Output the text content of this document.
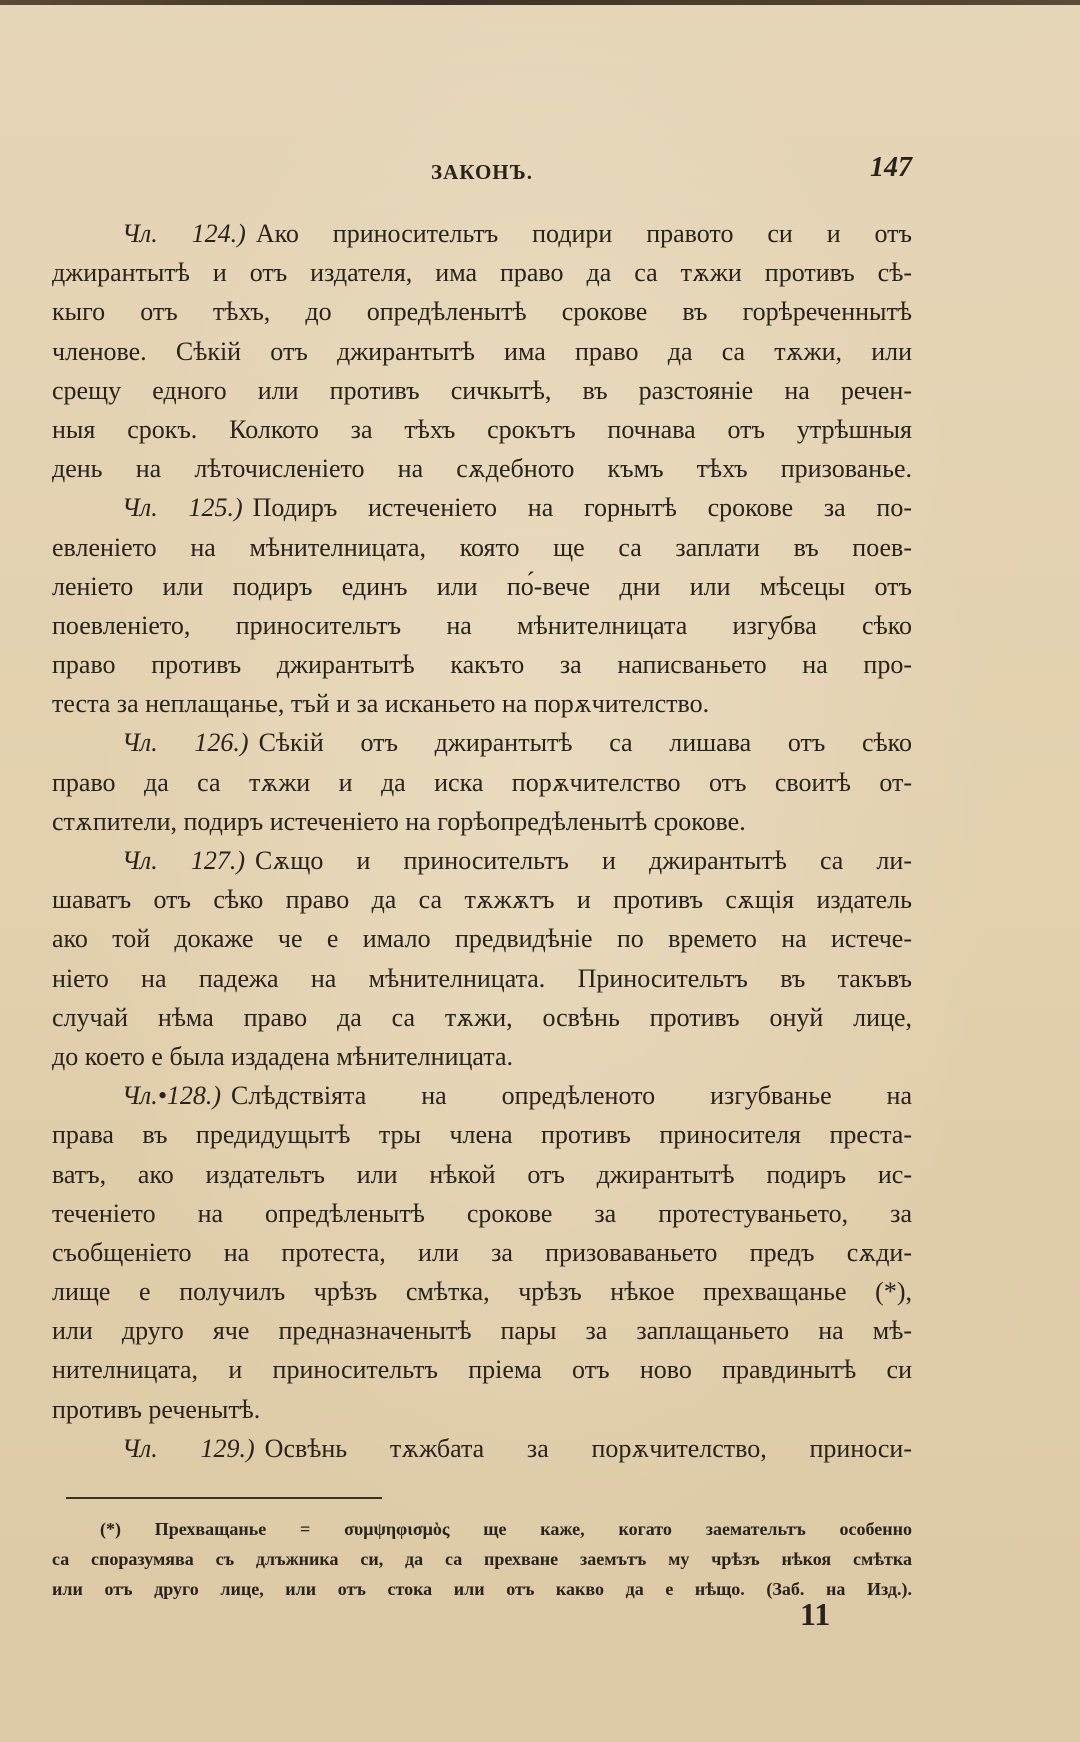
ЗАКОНЪ.	147
Чл. 124.) Ако приносительтъ подири правото си и отъ
джирантытѣ и отъ издателя, има право да са тѫжи противъ сѣ-
кыго отъ тѣхъ, до опредѣленытѣ срокове въ горѣреченнытѣ
членове. Сѣкій отъ джирантытѣ има право да са тѫжи, или
срещу едного или противъ сичкытѣ, въ разстояніе на речен-
ныя срокъ. Колкото за тѣхъ срокътъ почнава отъ утрѣшныя
день на лѣточисленіето на сѫдебното къмъ тѣхъ призованье.
Чл. 125.) Подиръ истеченіето на горнытѣ срокове за по-
евленіето на мѣнителницата, която ще са заплати въ поев-
леніето или подиръ единъ или по́-вече дни или мѣсецы отъ
поевленіето, приносительтъ на мѣнителницата изгубва сѣко
право противъ джирантытѣ какъто за написваньето на про-
теста за неплащанье, тъй и за исканьето на порѫчителство.
Чл. 126.) Сѣкій отъ джирантытѣ са лишава отъ сѣко
право да са тѫжи и да иска порѫчителство отъ своитѣ от-
стѫпители, подиръ истеченіето на горѣопредѣленытѣ срокове.
Чл. 127.) Сѫщо и приносительтъ и джирантытѣ са ли-
шаватъ отъ сѣко право да са тѫжѫтъ и противъ сѫщія издатель
ако той докаже че е имало предвидѣніе по времето на истече-
ніето на падежа на мѣнителницата. Приносительтъ въ такъвъ
случай нѣма право да са тѫжи, освѣнь противъ онуй лице,
до което е была издадена мѣнителницата.
Чл.•128.) Слѣдствіята на опредѣленото изгубванье на
права въ предидущытѣ тры члена противъ приносителя преста-
ватъ, ако издательтъ или нѣкой отъ джирантытѣ подиръ ис-
теченіето на опредѣленытѣ срокове за протестуваньето, за
съобщеніето на протеста, или за призоваваньето предъ сѫди-
лище е получилъ чрѣзъ смѣтка, чрѣзъ нѣкое прехващанье (*),
или друго яче предназначенытѣ пары за заплащаньето на мѣ-
нителницата, и приносительтъ пріема отъ ново правдинытѣ си
противъ реченытѣ.
Чл. 129.) Освѣнь тѫжбата за порѫчителство, приноси-
(*) Прехващанье = συμψηφισμὸς ще каже, когато заемательтъ особенно
са споразумява съ длъжника си, да са прехване заемътъ му чрѣзъ нѣкоя смѣтка
или отъ друго лице, или отъ стока или отъ какво да е нѣщо. (Заб. на Изд.).
11
